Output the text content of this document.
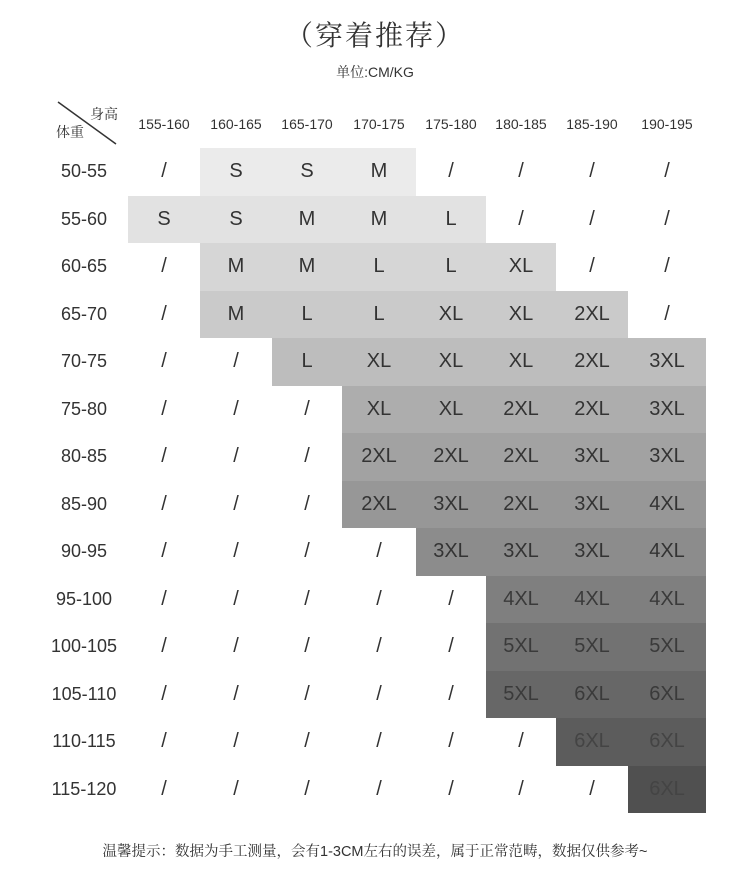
（穿着推荐）
单位:CM/KG
身高
体重	155-160	160-165	165-170	170-175	175-180	180-185	185-190	190-195
50-55	/	S	S	M	/	/	/	/
55-60	S	S	M	M	L	/	/	/
60-65	/	M	M	L	L	XL	/	/
65-70	/	M	L	L	XL	XL	2XL	/
70-75	/	/	L	XL	XL	XL	2XL	3XL
75-80	/	/	/	XL	XL	2XL	2XL	3XL
80-85	/	/	/	2XL	2XL	2XL	3XL	3XL
85-90	/	/	/	2XL	3XL	2XL	3XL	4XL
90-95	/	/	/	/	3XL	3XL	3XL	4XL
95-100	/	/	/	/	/	4XL	4XL	4XL
100-105	/	/	/	/	/	5XL	5XL	5XL
105-110	/	/	/	/	/	5XL	6XL	6XL
110-115	/	/	/	/	/	/	6XL	6XL
115-120	/	/	/	/	/	/	/	6XL
温馨提示：数据为手工测量，会有1-3CM左右的误差，属于正常范畴，数据仅供参考~
